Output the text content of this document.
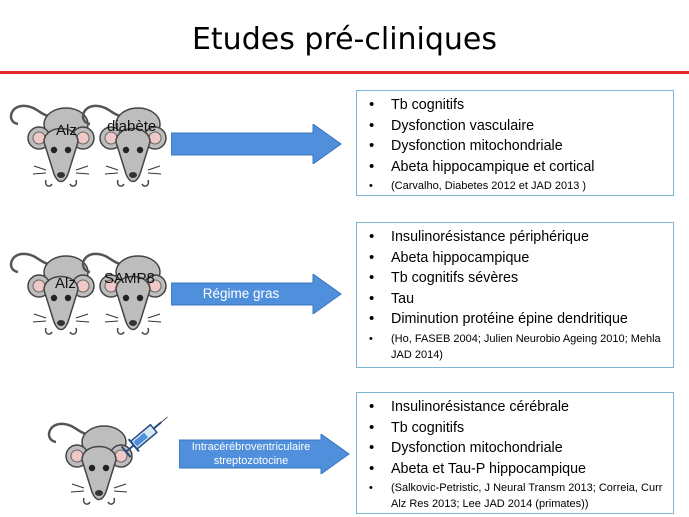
Etudes pré-cliniques
Alz diabète
• Tb cognitifs
• Dysfonction vasculaire
• Dysfonction mitochondriale
• Abeta hippocampique et cortical
• (Carvalho, Diabetes 2012 et JAD 2013 )
Alz SAMP8
Régime gras
• Insulinorésistance périphérique
• Abeta hippocampique
• Tb cognitifs sévères
• Tau
• Diminution protéine épine dendritique
• (Ho, FASEB 2004; Julien Neurobio Ageing 2010; Mehla JAD 2014)
Intracérébroventriculaire
streptozotocine
• Insulinorésistance cérébrale
• Tb cognitifs
• Dysfonction mitochondriale
• Abeta et Tau-P hippocampique
• (Salkovic-Petristic, J Neural Transm 2013; Correia, Curr Alz Res 2013; Lee JAD 2014 (primates))
